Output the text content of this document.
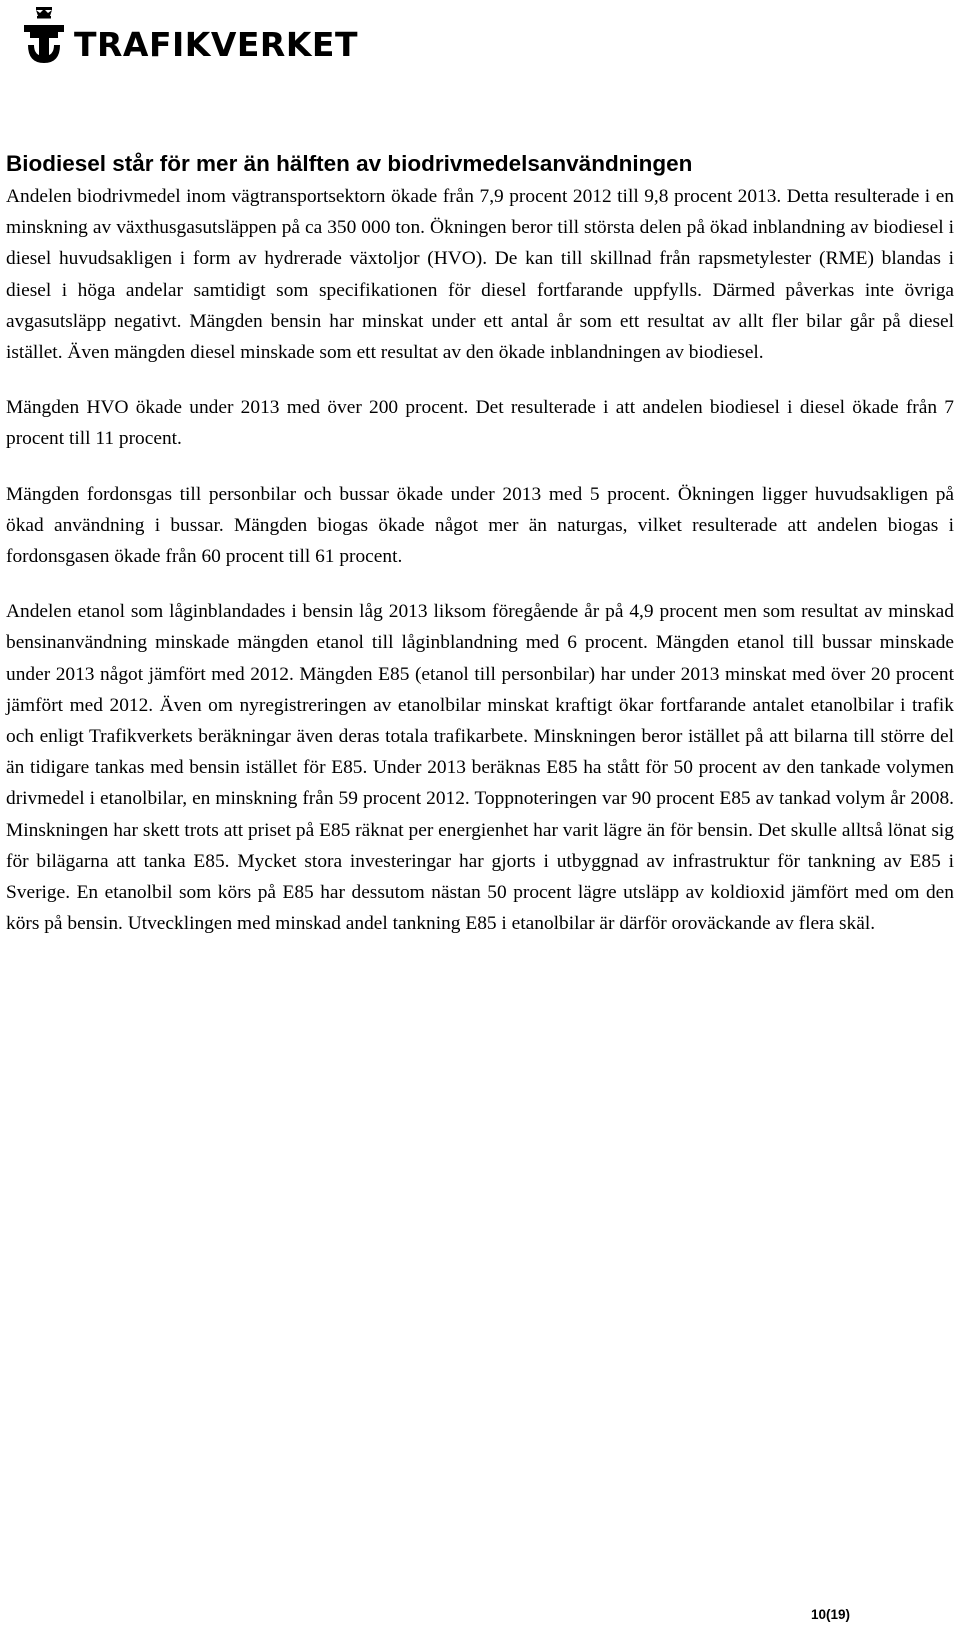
TRAFIKVERKET
Biodiesel står för mer än hälften av biodrivmedelsanvändningen

Andelen biodrivmedel inom vägtransportsektorn ökade från 7,9 procent 2012 till 9,8 procent 2013. Detta resulterade i en minskning av växthusgasutsläppen på ca 350 000 ton. Ökningen beror till största delen på ökad inblandning av biodiesel i diesel huvudsakligen i form av hydrerade växtoljor (HVO). De kan till skillnad från rapsmetylester (RME) blandas i diesel i höga andelar samtidigt som specifikationen för diesel fortfarande uppfylls. Därmed påverkas inte övriga avgasutsläpp negativt. Mängden bensin har minskat under ett antal år som ett resultat av allt fler bilar går på diesel istället. Även mängden diesel minskade som ett resultat av den ökade inblandningen av biodiesel.

Mängden HVO ökade under 2013 med över 200 procent. Det resulterade i att andelen biodiesel i diesel ökade från 7 procent till 11 procent.

Mängden fordonsgas till personbilar och bussar ökade under 2013 med 5 procent. Ökningen ligger huvudsakligen på ökad användning i bussar. Mängden biogas ökade något mer än naturgas, vilket resulterade att andelen biogas i fordonsgasen ökade från 60 procent till 61 procent.

Andelen etanol som låginblandades i bensin låg 2013 liksom föregående år på 4,9 procent men som resultat av minskad bensinanvändning minskade mängden etanol till låginblandning med 6 procent. Mängden etanol till bussar minskade under 2013 något jämfört med 2012. Mängden E85 (etanol till personbilar) har under 2013 minskat med över 20 procent jämfört med 2012. Även om nyregistreringen av etanolbilar minskat kraftigt ökar fortfarande antalet etanolbilar i trafik och enligt Trafikverkets beräkningar även deras totala trafikarbete. Minskningen beror istället på att bilarna till större del än tidigare tankas med bensin istället för E85. Under 2013 beräknas E85 ha stått för 50 procent av den tankade volymen drivmedel i etanolbilar, en minskning från 59 procent 2012. Toppnoteringen var 90 procent E85 av tankad volym år 2008. Minskningen har skett trots att priset på E85 räknat per energienhet har varit lägre än för bensin. Det skulle alltså lönat sig för bilägarna att tanka E85. Mycket stora investeringar har gjorts i utbyggnad av infrastruktur för tankning av E85 i Sverige. En etanolbil som körs på E85 har dessutom nästan 50 procent lägre utsläpp av koldioxid jämfört med om den körs på bensin. Utvecklingen med minskad andel tankning E85 i etanolbilar är därför oroväckande av flera skäl.

10(19)
